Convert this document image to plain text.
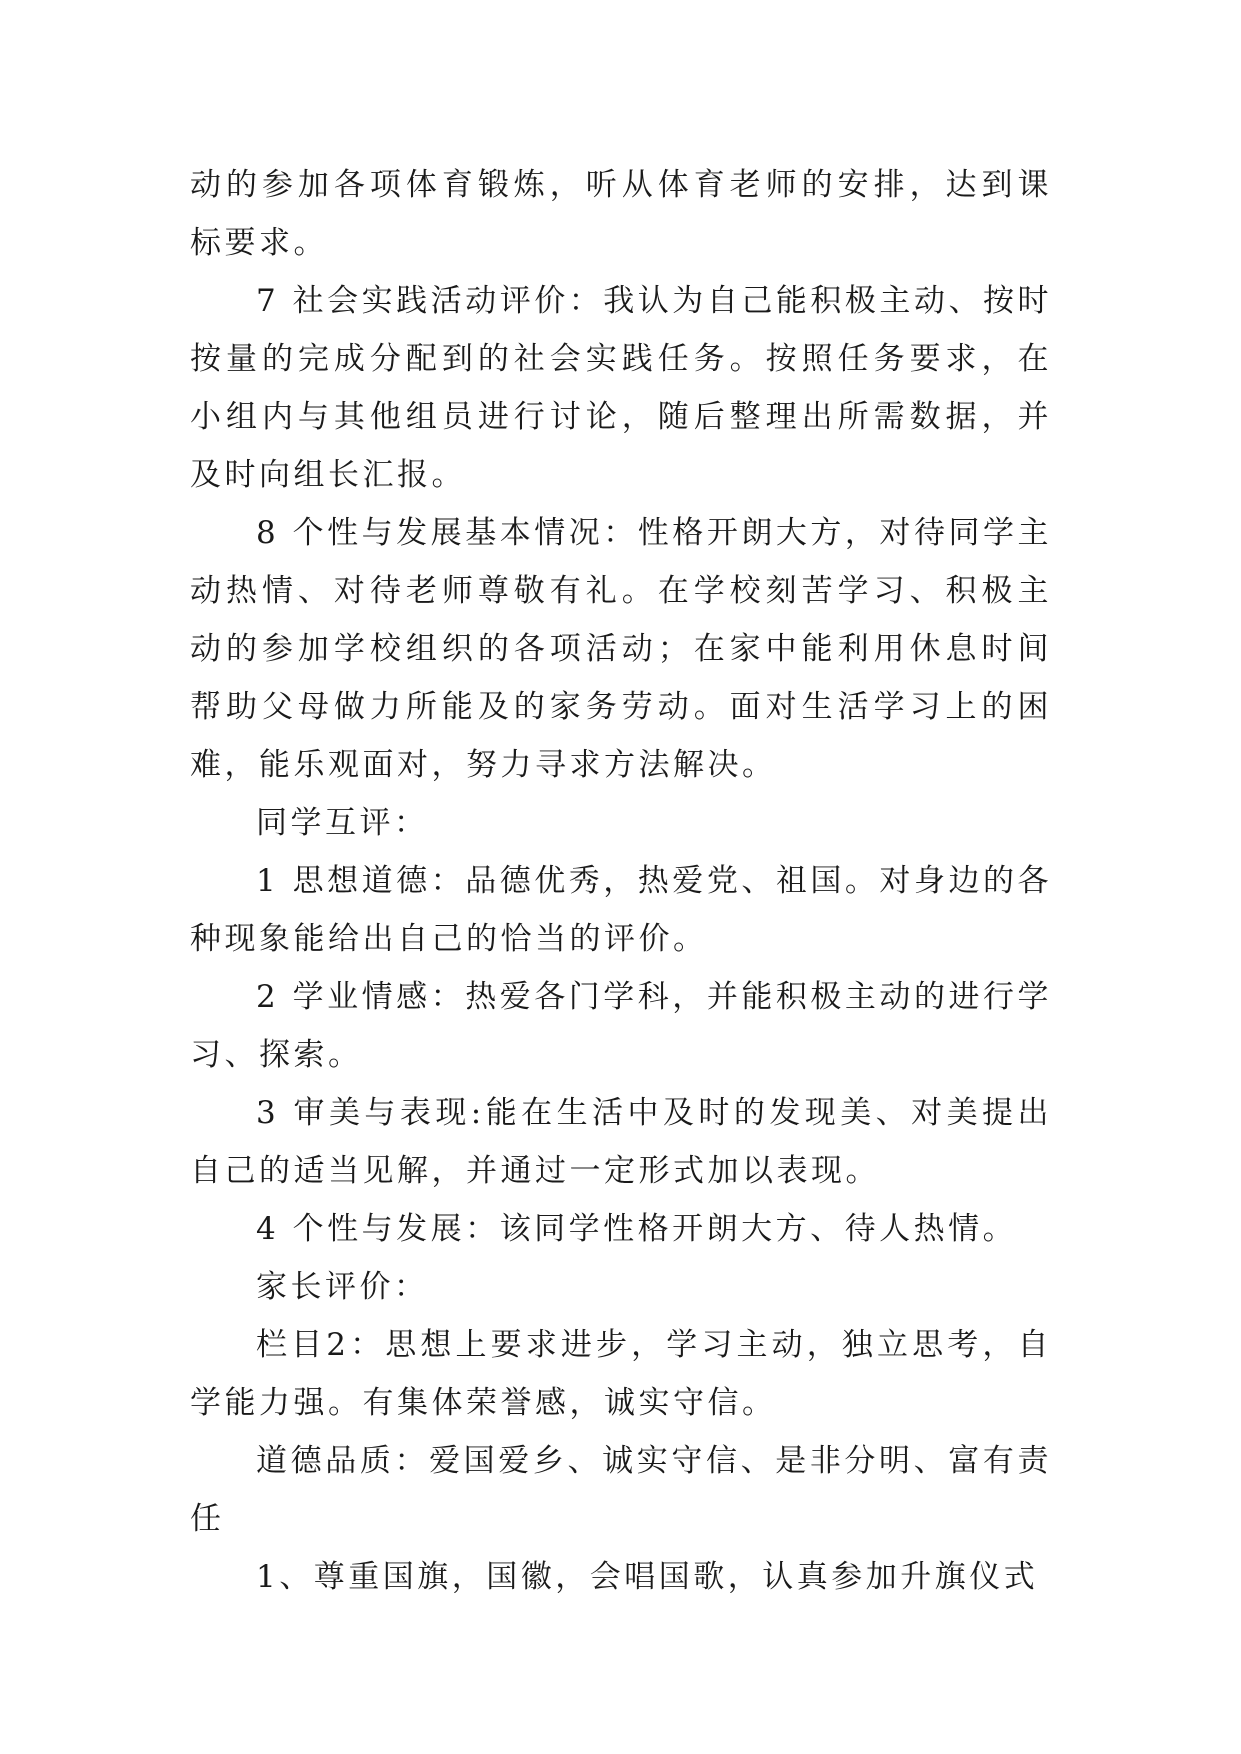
动的参加各项体育锻炼，听从体育老师的安排，达到课标要求。

7 社会实践活动评价：我认为自己能积极主动、按时按量的完成分配到的社会实践任务。按照任务要求，在小组内与其他组员进行讨论，随后整理出所需数据，并及时向组长汇报。

8 个性与发展基本情况：性格开朗大方，对待同学主动热情、对待老师尊敬有礼。在学校刻苦学习、积极主动的参加学校组织的各项活动；在家中能利用休息时间帮助父母做力所能及的家务劳动。面对生活学习上的困难，能乐观面对，努力寻求方法解决。

同学互评：

1 思想道德：品德优秀，热爱党、祖国。对身边的各种现象能给出自己的恰当的评价。

2 学业情感：热爱各门学科，并能积极主动的进行学习、探索。

3 审美与表现:能在生活中及时的发现美、对美提出自己的适当见解，并通过一定形式加以表现。

4 个性与发展：该同学性格开朗大方、待人热情。

家长评价：

栏目2：思想上要求进步，学习主动，独立思考，自学能力强。有集体荣誉感，诚实守信。

道德品质：爱国爱乡、诚实守信、是非分明、富有责任

1、尊重国旗，国徽，会唱国歌，认真参加升旗仪式
